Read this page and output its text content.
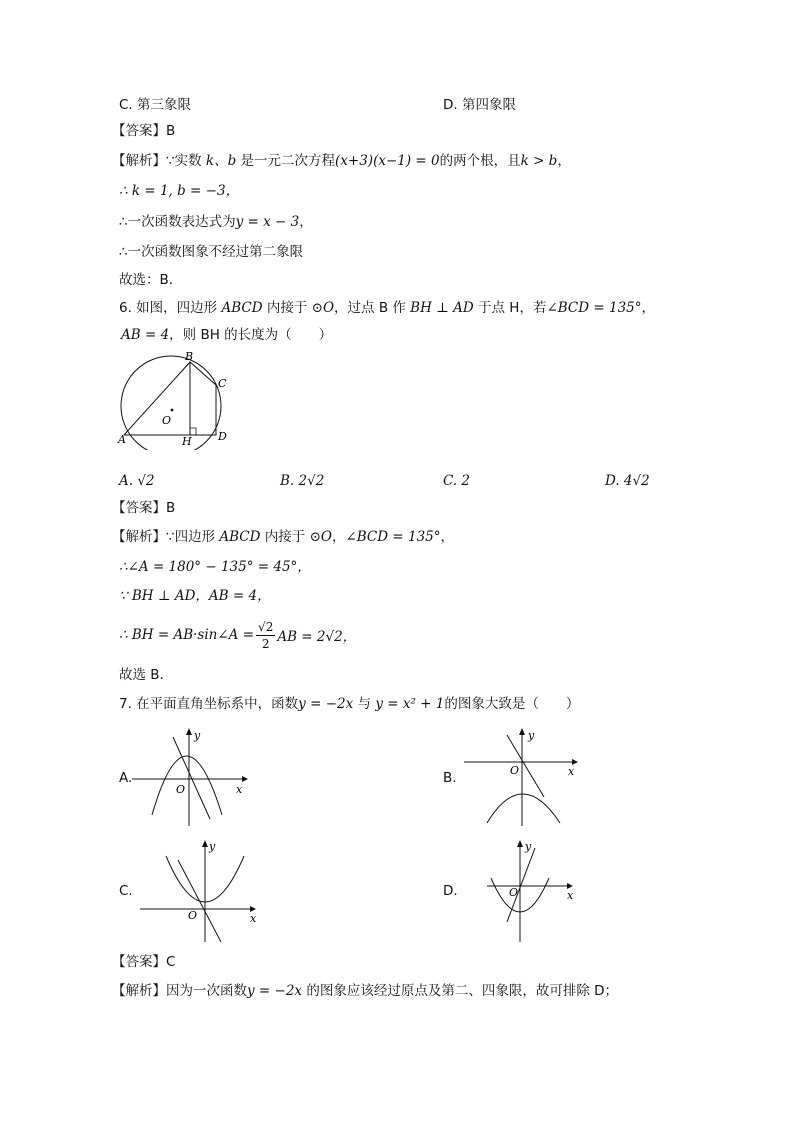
C. 第三象限	D. 第四象限
【答案】B
【解析】∵实数 k、b 是一元二次方程(x+3)(x−1) = 0的两个根，且k > b，
∴ k = 1, b = −3，
∴一次函数表达式为y = x − 3，
∴一次函数图象不经过第二象限
故选：B．
6. 如图，四边形 ABCD 内接于 ⊙O，过点 B 作 BH ⊥ AD 于点 H，若∠BCD = 135°，
AB = 4，则 BH 的长度为（　　）
B
C
O
A	H D
A. √2	B. 2√2	C. 2	D. 4√2
【答案】B
【解析】∵四边形 ABCD 内接于 ⊙O，∠BCD = 135°，
∴∠A = 180° − 135° = 45°，
∵ BH ⊥ AD，AB = 4，
∴ BH = AB·sin∠A =
√2
2 AB = 2√2，
故选 B．
7. 在平面直角坐标系中，函数y = −2x 与 y = x² + 1的图象大致是（　　）
A.
O	x
y
B.	O	x
y
C.
O	x
y
D.	O	x
y
【答案】C
【解析】因为一次函数y = −2x 的图象应该经过原点及第二、四象限，故可排除 D；
